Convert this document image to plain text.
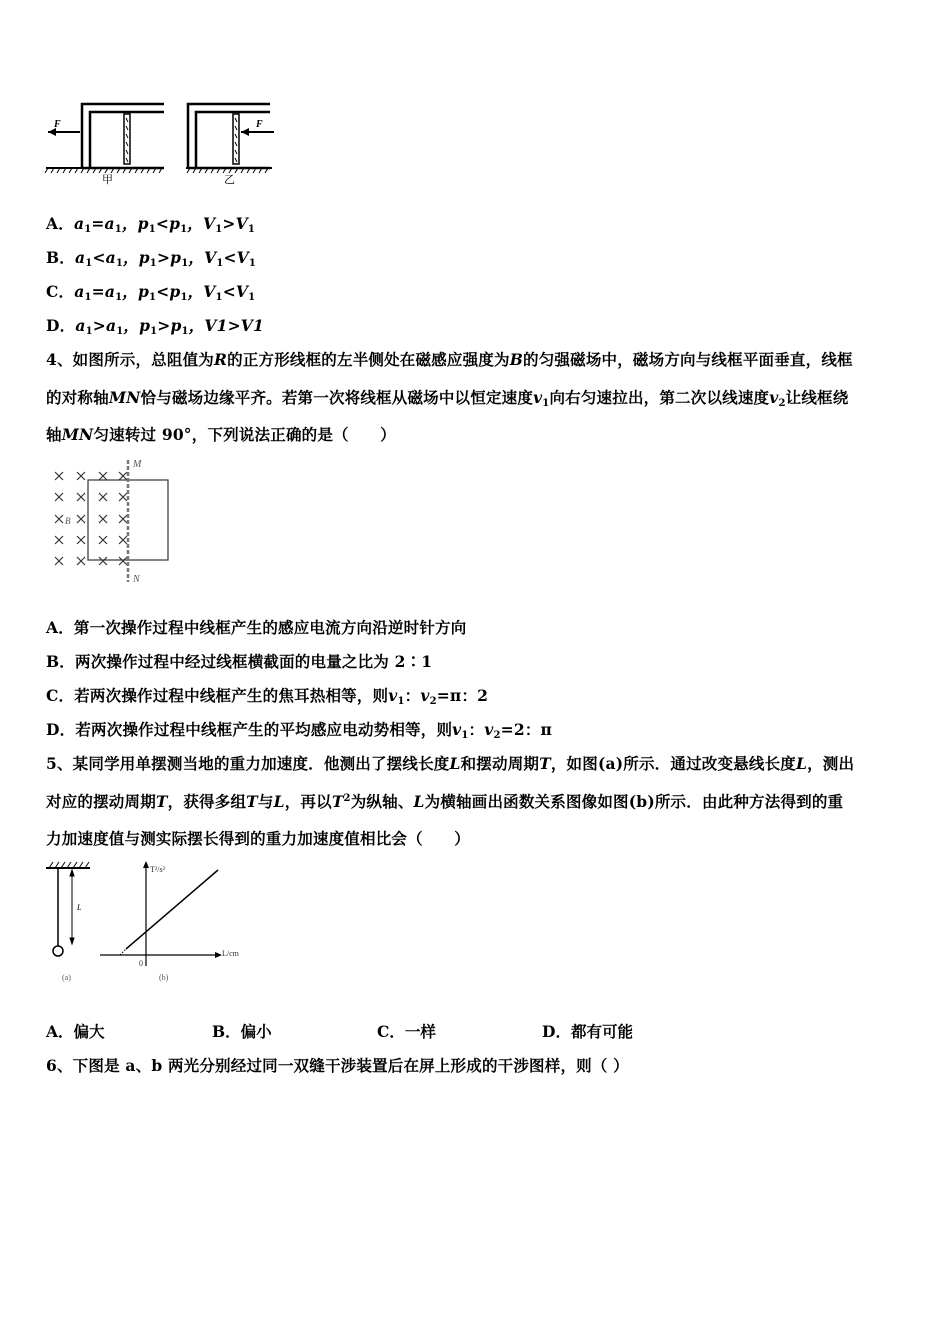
F
甲
F
乙
A．$a_1=a_1$，$p_1<p_1$，$V_1>V_1$
B．$a_1<a_1$，$p_1>p_1$，$V_1<V_1$
C．$a_1=a_1$，$p_1<p_1$，$V_1<V_1$
D．$a_1>a_1$，$p_1>p_1$，V1>V1
4、如图所示，总阻值为R的正方形线框的左半侧处在磁感应强度为B的匀强磁场中，磁场方向与线框平面垂直，线框
的对称轴MN恰与磁场边缘平齐。若第一次将线框从磁场中以恒定速度$v_1$向右匀速拉出，第二次以线速度$v_2$让线框绕
轴MN匀速转过 90°，下列说法正确的是（　　）
M
N
B
A．第一次操作过程中线框产生的感应电流方向沿逆时针方向
B．两次操作过程中经过线框横截面的电量之比为 2∶1
C．若两次操作过程中线框产生的焦耳热相等，则$v_1$：$v_2=\pi$：2
D．若两次操作过程中线框产生的平均感应电动势相等，则$v_1$：$v_2=2$：π
5、某同学用单摆测当地的重力加速度．他测出了摆线长度L和摆动周期T，如图(a)所示．通过改变悬线长度L，测出
对应的摆动周期T，获得多组T与L，再以$T^2$为纵轴、L为横轴画出函数关系图像如图(b)所示．由此种方法得到的重
力加速度值与测实际摆长得到的重力加速度值相比会（　　）
L
(a)
T²/s²
L/cm
0
(b)
A．偏大	B．偏小	C．一样	D．都有可能
6、下图是 a、b 两光分别经过同一双缝干涉装置后在屏上形成的干涉图样，则（ ）
